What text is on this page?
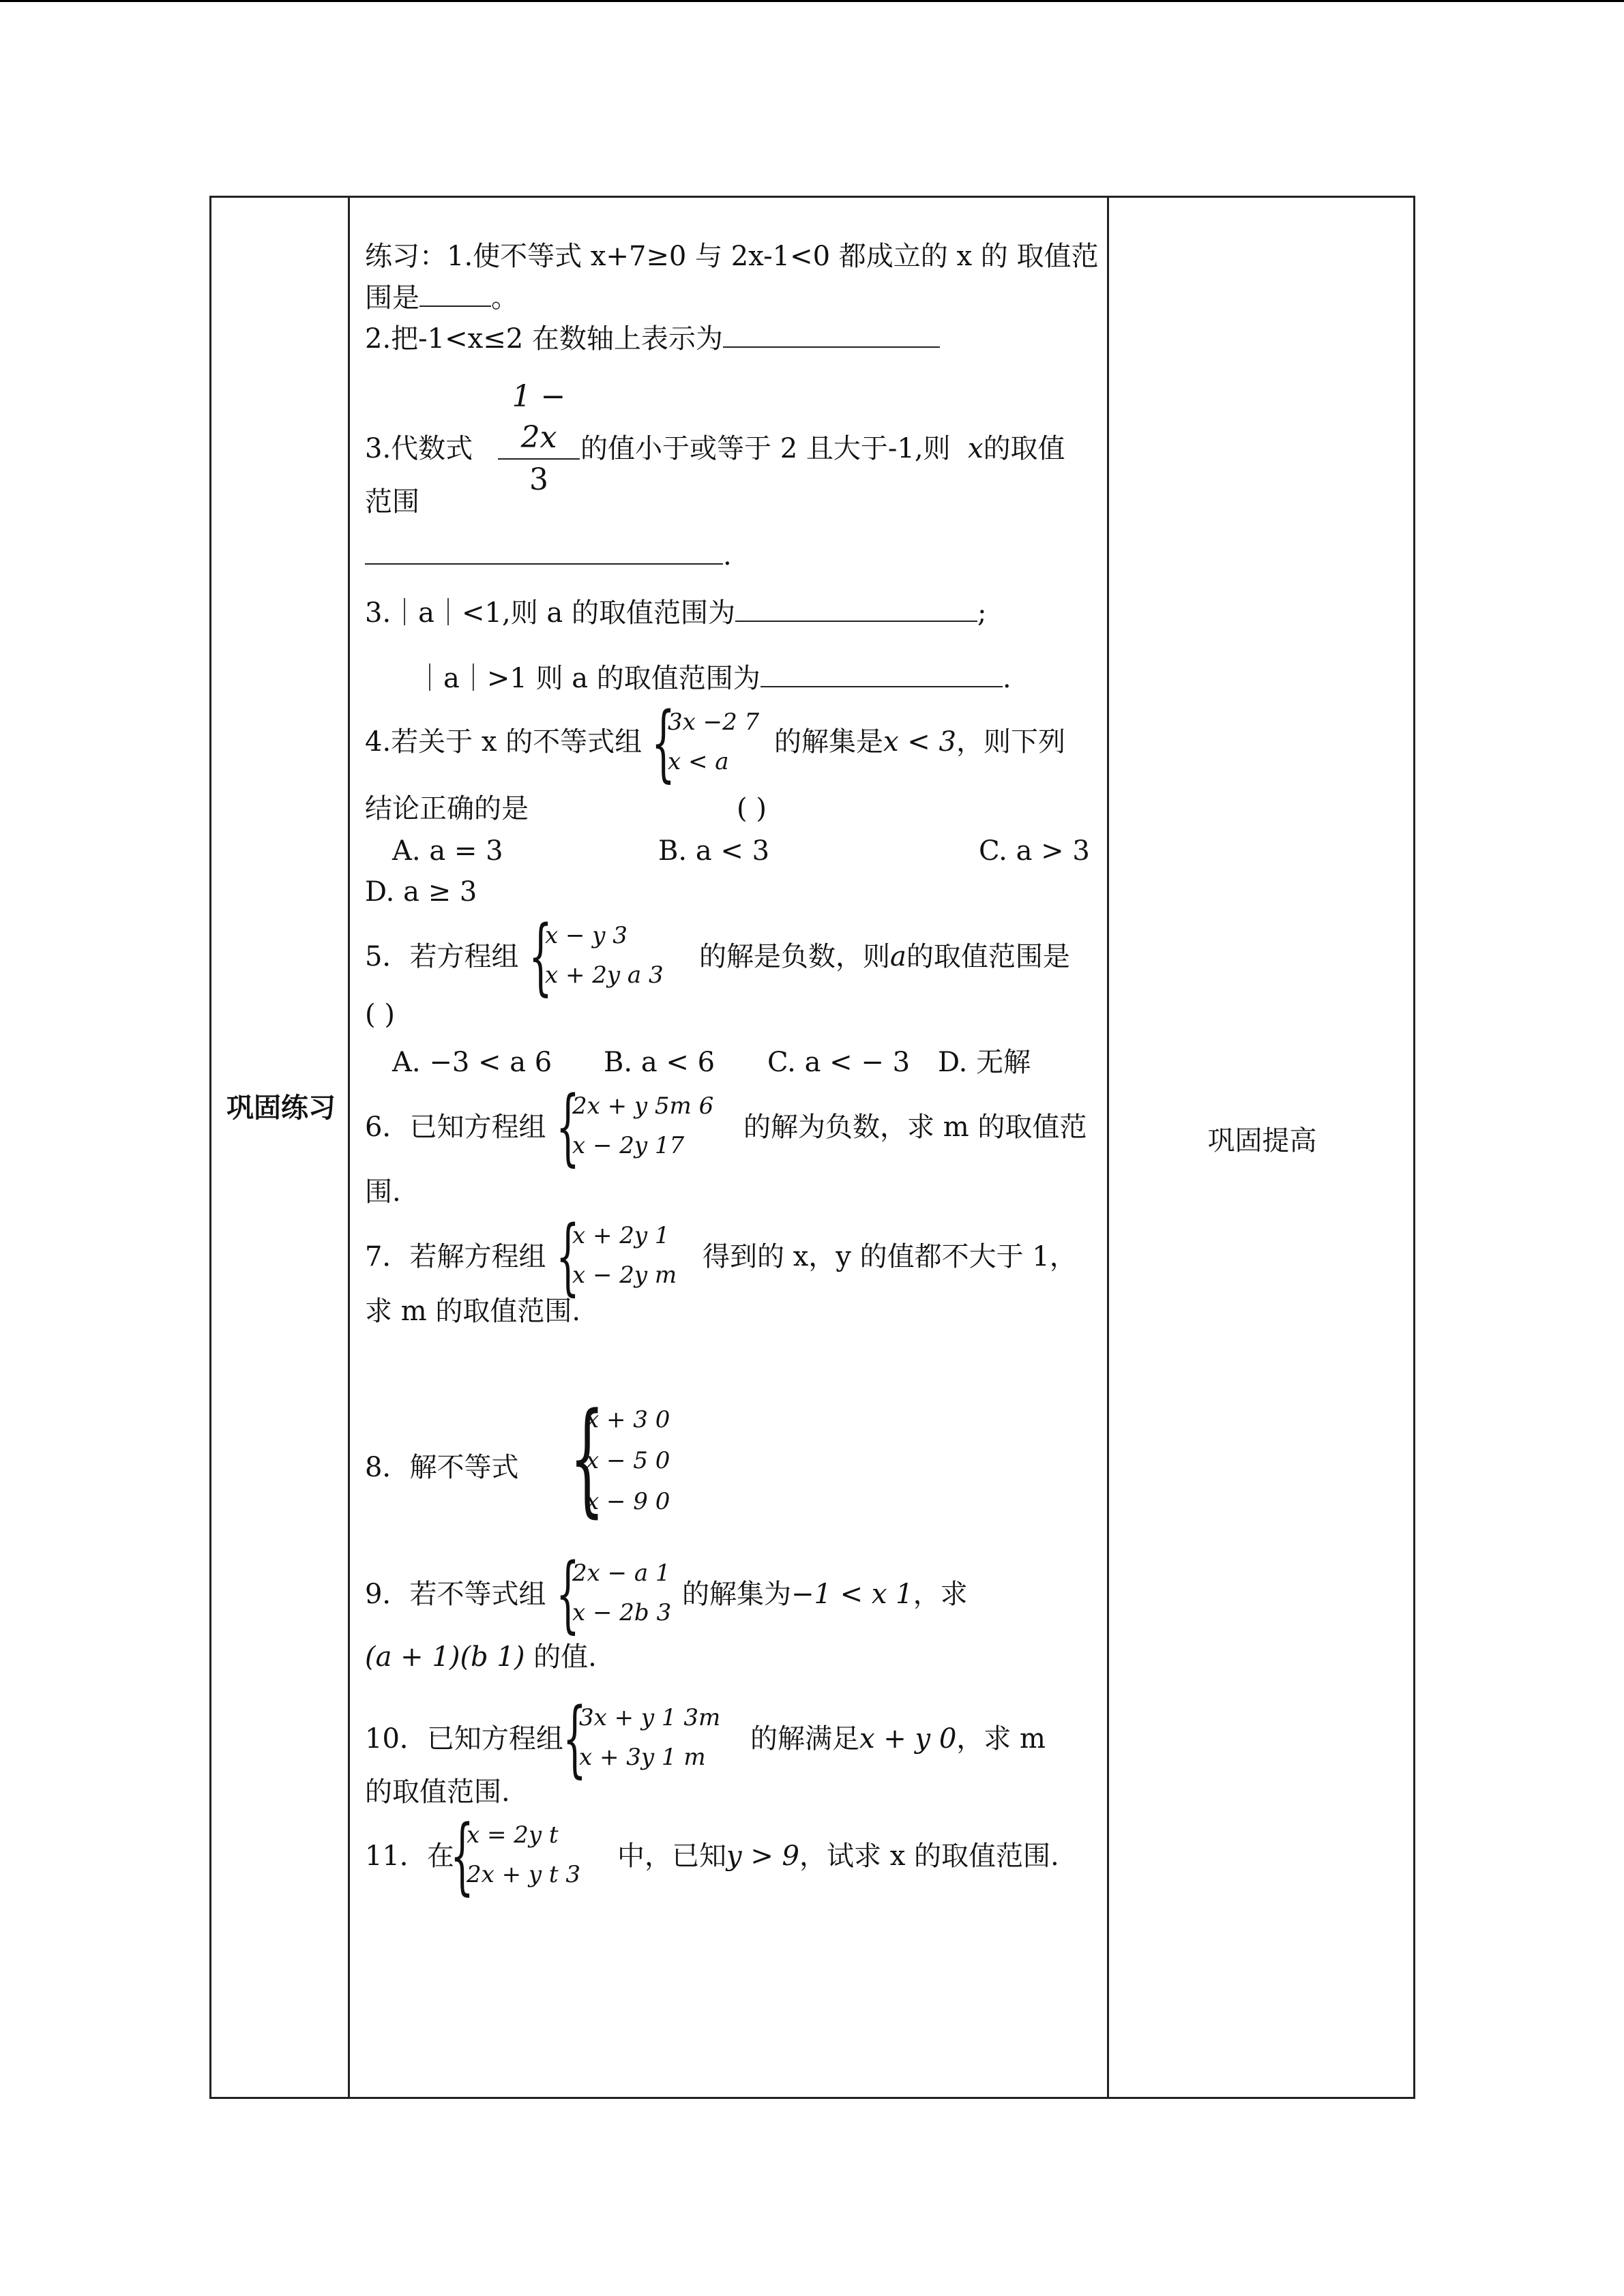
巩固练习
巩固提高
练习：1.使不等式 x+7≥0 与 2x-1<0 都成立的 x 的 取值范
围是	。
2.把-1<x≤2 在数轴上表示为
3.代数式 $\frac{1 - 2x}{3}$ 的值小于或等于 2 且大于-1,则 x的取值
范围
.
3.｜a｜<1,则 a 的取值范围为	;
｜a｜>1 则 a 的取值范围为	.
4.若关于 x 的不等式组 {
3x −2 7
x < a
的解集是x < 3，则下列
结论正确的是	( )
A. a = 3	B. a < 3	C. a > 3
D. a ≥ 3
5．若方程组 {
x − y 3
x + 2y a 3
的解是负数，则a的取值范围是
( )
A. −3 < a 6 B. a < 6 C. a < − 3 D. 无解
6．已知方程组 {
2x + y 5m 6
x − 2y 17
的解为负数，求 m 的取值范
围.
7．若解方程组 {
x + 2y 1
x − 2y m
得到的 x，y 的值都不大于 1，
求 m 的取值范围.
8．解不等式 {
x + 3 0
x − 5 0
x − 9 0
9．若不等式组 {
2x − a 1
x − 2b 3
的解集为−1 < x 1，求
(a + 1)(b 1) 的值.
10．已知方程组 {
3x + y 1 3m
x + 3y 1 m
的解满足x + y 0，求 m
的取值范围.
11．在
{
x = 2y t
2x + y t 3
中，已知y > 9，试求 x 的取值范围.
